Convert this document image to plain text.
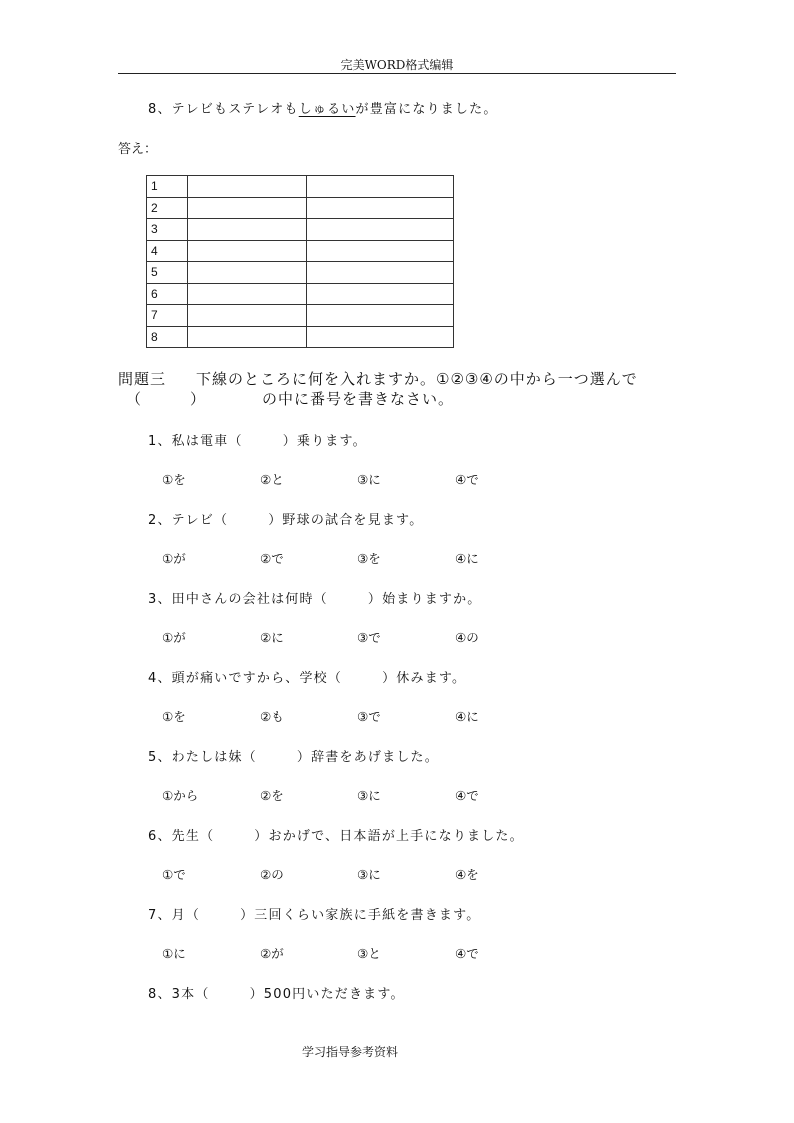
完美WORD格式编辑
8、テレビもステレオもしゅるいが豊富になりました。
答え：
1		
2		
3		
4		
5		
6		
7		
8		
問題三 下線のところに何を入れますか。①②③④の中から一つ選んで
（	）	の中に番号を書きなさい。
1、私は電車（	）乗ります。
①を	②と	③に	④で
2、テレビ（	）野球の試合を見ます。
①が	②で	③を	④に
3、田中さんの会社は何時（	）始まりますか。
①が	②に	③で	④の
4、頭が痛いですから、学校（	）休みます。
①を	②も	③で	④に
5、わたしは妹（	）辞書をあげました。
①から	②を	③に	④で
6、先生（	）おかげで、日本語が上手になりました。
①で	②の	③に	④を
7、月（	）三回くらい家族に手紙を書きます。
①に	②が	③と	④で
8、3本（	）500円いただきます。
学习指导参考资料
